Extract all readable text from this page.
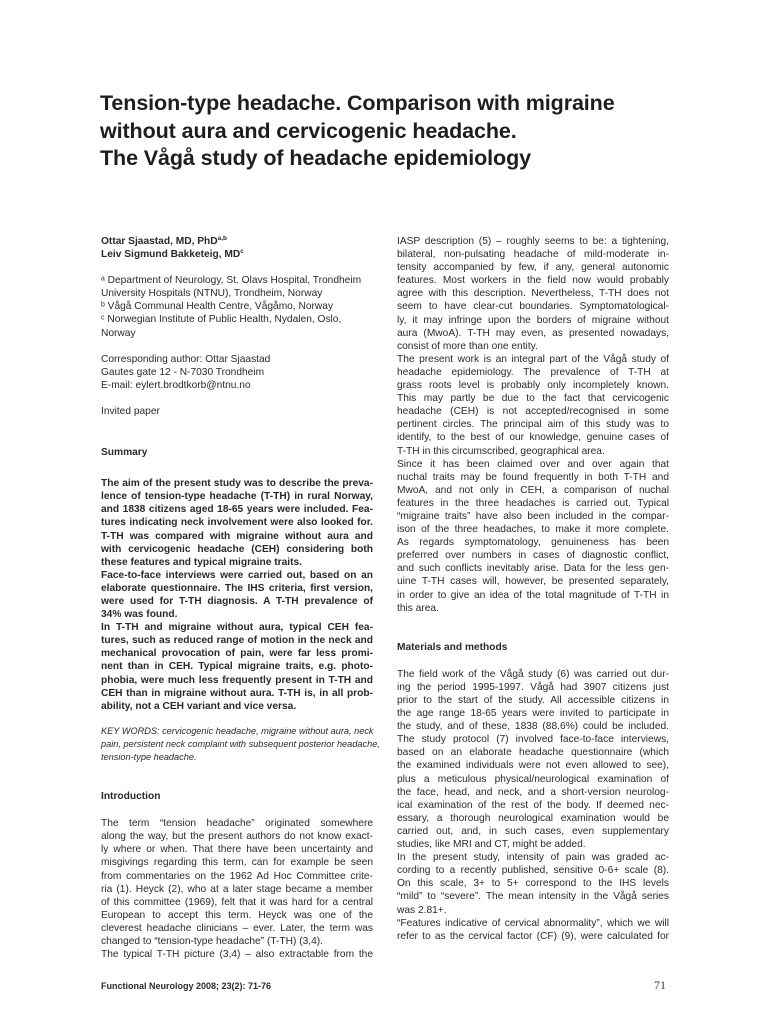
Tension-type headache. Comparison with migraine
without aura and cervicogenic headache.
The Vågå study of headache epidemiology
Ottar Sjaastad, MD, PhD$^{a,b}$
Leiv Sigmund Bakketeig, $MD^c$
ᵃ Department of Neurology, St. Olavs Hospital, Trondheim
University Hospitals (NTNU), Trondheim, Norway
ᵇ Vågå Communal Health Centre, Vågåmo, Norway
ᶜ Norwegian Institute of Public Health, Nydalen, Oslo,
Norway
Corresponding author: Ottar Sjaastad
Gautes gate 12 - N-7030 Trondheim
E-mail: eylert.brodtkorb@ntnu.no
Invited paper
Summary
The aim of the present study was to describe the preva-
lence of tension-type headache (T-TH) in rural Norway,
and 1838 citizens aged 18-65 years were included. Fea-
tures indicating neck involvement were also looked for.
T-TH was compared with migraine without aura and
with cervicogenic headache (CEH) considering both
these features and typical migraine traits.
Face-to-face interviews were carried out, based on an
elaborate questionnaire. The IHS criteria, first version,
were used for T-TH diagnosis. A T-TH prevalence of
34% was found.
In T-TH and migraine without aura, typical CEH fea-
tures, such as reduced range of motion in the neck and
mechanical provocation of pain, were far less promi-
nent than in CEH. Typical migraine traits, e.g. photo-
phobia, were much less frequently present in T-TH and
CEH than in migraine without aura. T-TH is, in all prob-
ability, not a CEH variant and vice versa.
KEY WORDS: cervicogenic headache, migraine without aura, neck
pain, persistent neck complaint with subsequent posterior headache,
tension-type headache.
Introduction
The term “tension headache” originated somewhere
along the way, but the present authors do not know exact-
ly where or when. That there have been uncertainty and
misgivings regarding this term, can for example be seen
from commentaries on the 1962 Ad Hoc Committee crite-
ria (1). Heyck (2), who at a later stage became a member
of this committee (1969), felt that it was hard for a central
European to accept this term. Heyck was one of the
cleverest headache clinicians – ever. Later, the term was
changed to “tension-type headache” (T-TH) (3,4).
The typical T-TH picture (3,4) – also extractable from the
IASP description (5) – roughly seems to be: a tightening,
bilateral, non-pulsating headache of mild-moderate in-
tensity accompanied by few, if any, general autonomic
features. Most workers in the field now would probably
agree with this description. Nevertheless, T-TH does not
seem to have clear-cut boundaries. Symptomatological-
ly, it may infringe upon the borders of migraine without
aura (MwoA). T-TH may even, as presented nowadays,
consist of more than one entity.
The present work is an integral part of the Vågå study of
headache epidemiology. The prevalence of T-TH at
grass roots level is probably only incompletely known.
This may partly be due to the fact that cervicogenic
headache (CEH) is not accepted/recognised in some
pertinent circles. The principal aim of this study was to
identify, to the best of our knowledge, genuine cases of
T-TH in this circumscribed, geographical area.
Since it has been claimed over and over again that
nuchal traits may be found frequently in both T-TH and
MwoA, and not only in CEH, a comparison of nuchal
features in the three headaches is carried out. Typical
“migraine traits” have also been included in the compar-
ison of the three headaches, to make it more complete.
As regards symptomatology, genuineness has been
preferred over numbers in cases of diagnostic conflict,
and such conflicts inevitably arise. Data for the less gen-
uine T-TH cases will, however, be presented separately,
in order to give an idea of the total magnitude of T-TH in
this area.
Materials and methods
The field work of the Vågå study (6) was carried out dur-
ing the period 1995-1997. Vågå had 3907 citizens just
prior to the start of the study. All accessible citizens in
the age range 18-65 years were invited to participate in
the study, and of these, 1838 (88.6%) could be included.
The study protocol (7) involved face-to-face interviews,
based on an elaborate headache questionnaire (which
the examined individuals were not even allowed to see),
plus a meticulous physical/neurological examination of
the face, head, and neck, and a short-version neurolog-
ical examination of the rest of the body. If deemed nec-
essary, a thorough neurological examination would be
carried out, and, in such cases, even supplementary
studies, like MRI and CT, might be added.
In the present study, intensity of pain was graded ac-
cording to a recently published, sensitive 0-6+ scale (8).
On this scale, 3+ to 5+ correspond to the IHS levels
“mild” to “severe”. The mean intensity in the Vågå series
was 2.81+.
“Features indicative of cervical abnormality”, which we will
refer to as the cervical factor (CF) (9), were calculated for
Functional Neurology 2008; 23(2): 71-76	71
